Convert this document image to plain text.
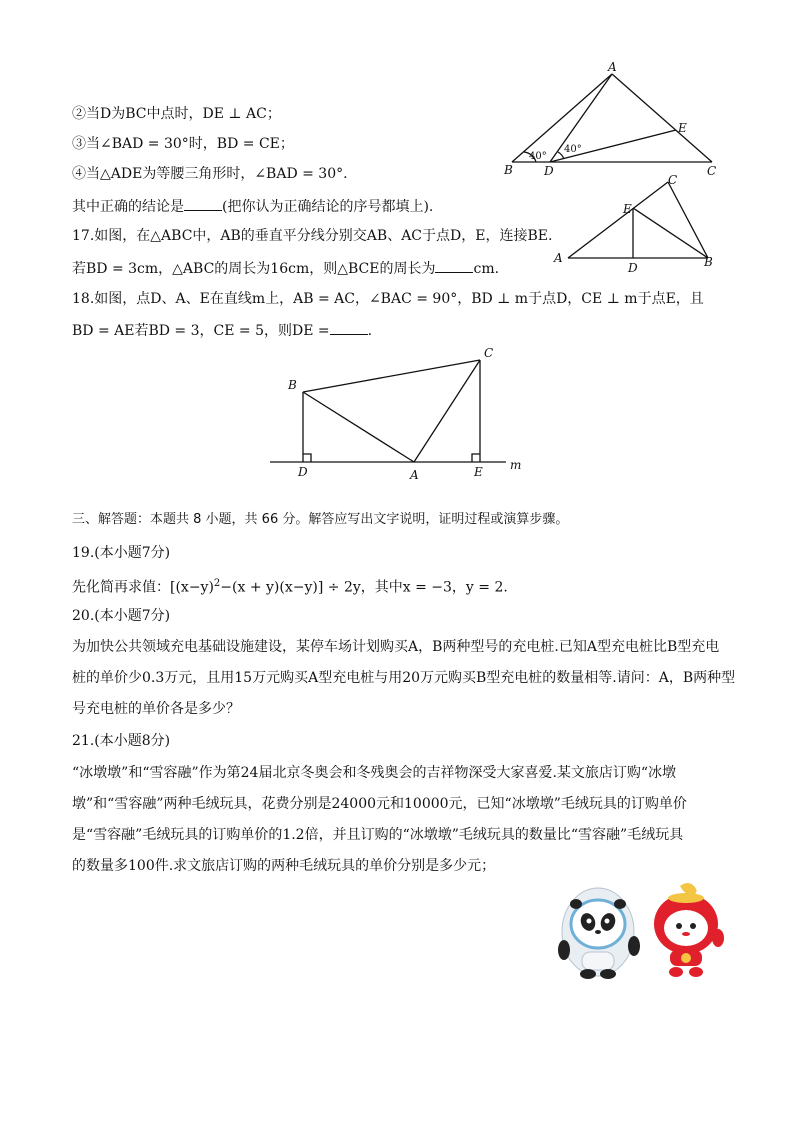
②当D为BC中点时，DE ⊥ AC；
③当∠BAD = 30°时，BD = CE；
④当△ADE为等腰三角形时，∠BAD = 30°.
其中正确的结论是	(把你认为正确结论的序号都填上).
A
B	D	C
E
40°
40°
A	B
C
D
E
17.如图，在△ABC中，AB的垂直平分线分别交AB、AC于点D，E，连接BE.
若BD = 3cm，△ABC的周长为16cm，则△BCE的周长为	cm.
18.如图，点D、A、E在直线m上，AB = AC，∠BAC = 90°，BD ⊥ m于点D，CE ⊥ m于点E，且
BD = AE若BD = 3，CE = 5，则DE =	.
B
C
D	A	E m
三、解答题：本题共 8 小题，共 66 分。解答应写出文字说明，证明过程或演算步骤。
19.(本小题7分)
先化简再求值：$[(x-y)^2-(x + y)(x-y)] \div 2y$，其中x = −3，y = 2.
20.(本小题7分)
为加快公共领域充电基础设施建设，某停车场计划购买A，B两种型号的充电桩.已知A型充电桩比B型充电
桩的单价少0.3万元，且用15万元购买A型充电桩与用20万元购买B型充电桩的数量相等.请问：A，B两种型
号充电桩的单价各是多少？
21.(本小题8分)
“冰墩墩”和“雪容融”作为第24届北京冬奥会和冬残奥会的吉祥物深受大家喜爱.某文旅店订购“冰墩
墩”和“雪容融”两种毛绒玩具，花费分别是24000元和10000元，已知“冰墩墩”毛绒玩具的订购单价
是“雪容融”毛绒玩具的订购单价的1.2倍，并且订购的“冰墩墩”毛绒玩具的数量比“雪容融”毛绒玩具
的数量多100件.求文旅店订购的两种毛绒玩具的单价分别是多少元；
